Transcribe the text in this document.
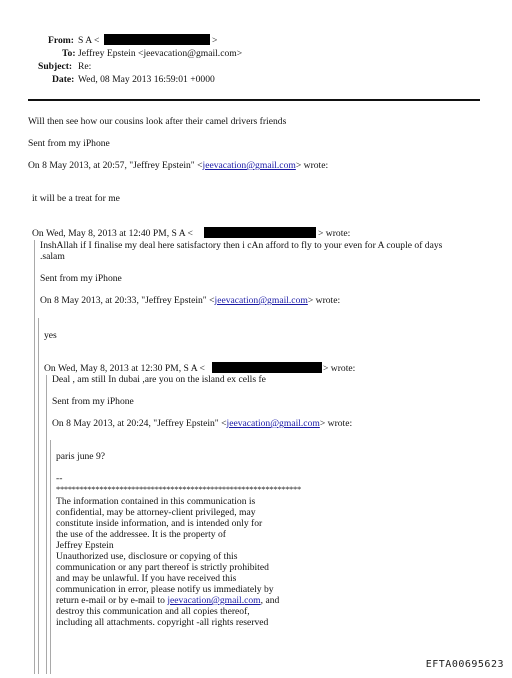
From: S A <	>
To: Jeffrey Epstein <jeevacation@gmail.com>
Subject: Re:
Date: Wed, 08 May 2013 16:59:01 +0000
Will then see how our cousins look after their camel drivers friends
Sent from my iPhone
On 8 May 2013, at 20:57, "Jeffrey Epstein" <jeevacation@gmail.com> wrote:
it will be a treat for me
On Wed, May 8, 2013 at 12:40 PM, S A <	> wrote:
InshAllah if I finalise my deal here satisfactory then i cAn afford to fly to your even for A couple of days
.salam
Sent from my iPhone
On 8 May 2013, at 20:33, "Jeffrey Epstein" <jeevacation@gmail.com> wrote:
yes
On Wed, May 8, 2013 at 12:30 PM, S A <	> wrote:
Deal , am still In dubai ,are you on the island ex cells fe
Sent from my iPhone
On 8 May 2013, at 20:24, "Jeffrey Epstein" <jeevacation@gmail.com> wrote:
paris june 9?
--
**************************************************************
The information contained in this communication is
confidential, may be attorney-client privileged, may
constitute inside information, and is intended only for
the use of the addressee. It is the property of
Jeffrey Epstein
Unauthorized use, disclosure or copying of this
communication or any part thereof is strictly prohibited
and may be unlawful. If you have received this
communication in error, please notify us immediately by
return e-mail or by e-mail to jeevacation@gmail.com, and
destroy this communication and all copies thereof,
including all attachments. copyright -all rights reserved
EFTA00695623
